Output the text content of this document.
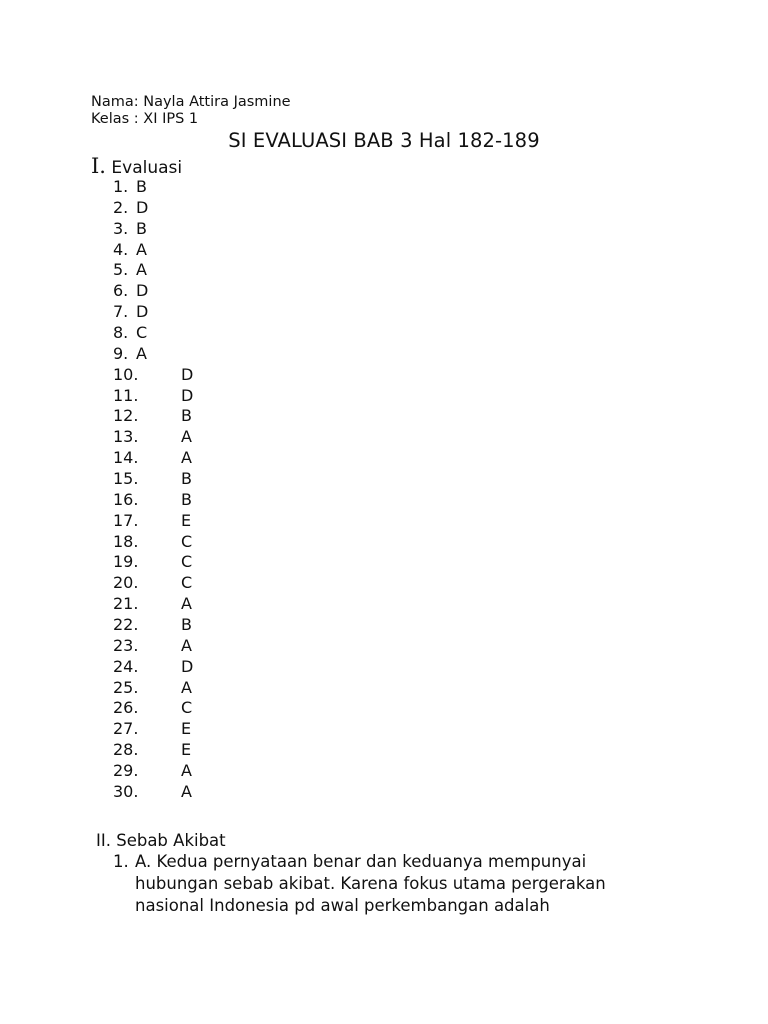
Nama: Nayla Attira Jasmine
Kelas : XI IPS 1
SI EVALUASI BAB 3 Hal 182-189
I. Evaluasi
1. B
2. D
3. B
4. A
5. A
6. D
7. D
8. C
9. A
10.	D
11.	D
12.	B
13.	A
14.	A
15.	B
16.	B
17.	E
18.	C
19.	C
20.	C
21.	A
22.	B
23.	A
24.	D
25.	A
26.	C
27.	E
28.	E
29.	A
30.	A
II. Sebab Akibat
1. A. Kedua pernyataan benar dan keduanya mempunyai
hubungan sebab akibat. Karena fokus utama pergerakan
nasional Indonesia pd awal perkembangan adalah
